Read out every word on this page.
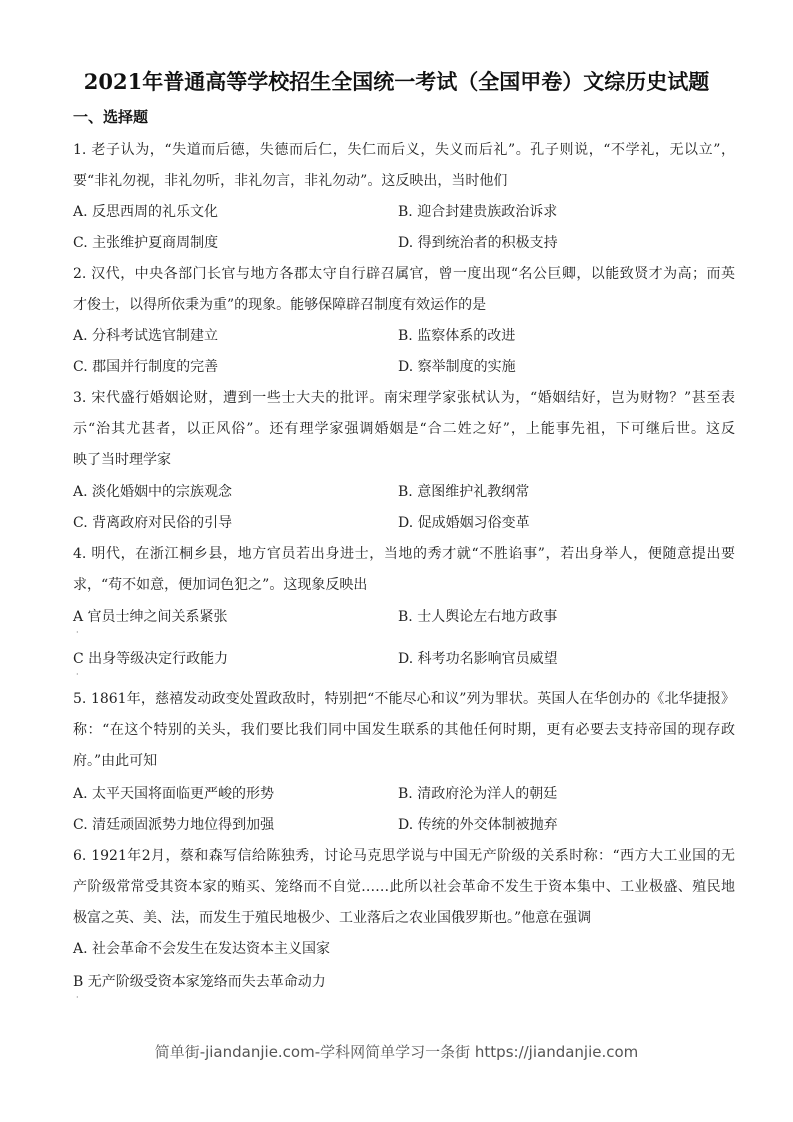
2021年普通高等学校招生全国统一考试（全国甲卷）文综历史试题
一、选择题
1. 老子认为，“失道而后德，失德而后仁，失仁而后义，失义而后礼”。孔子则说，“不学礼，无以立”，
要“非礼勿视，非礼勿听，非礼勿言，非礼勿动”。这反映出，当时他们
A. 反思西周的礼乐文化	B. 迎合封建贵族政治诉求
C. 主张维护夏商周制度	D. 得到统治者的积极支持
2. 汉代，中央各部门长官与地方各郡太守自行辟召属官，曾一度出现“名公巨卿，以能致贤才为高；而英
才俊士，以得所依秉为重”的现象。能够保障辟召制度有效运作的是
A. 分科考试选官制建立	B. 监察体系的改进
C. 郡国并行制度的完善	D. 察举制度的实施
3. 宋代盛行婚姻论财，遭到一些士大夫的批评。南宋理学家张栻认为，“婚姻结好，岂为财物？”甚至表
示“治其尤甚者，以正风俗”。还有理学家强调婚姻是“合二姓之好”，上能事先祖，下可继后世。这反
映了当时理学家
A. 淡化婚姻中的宗族观念	B. 意图维护礼教纲常
C. 背离政府对民俗的引导	D. 促成婚姻习俗变革
4. 明代，在浙江桐乡县，地方官员若出身进士，当地的秀才就“不胜谄事”，若出身举人，便随意提出要
求，“苟不如意，便加词色犯之”。这现象反映出
A 官员士绅之间关系紧张	B. 士人舆论左右地方政事
·
C 出身等级决定行政能力	D. 科考功名影响官员威望
·
5. 1861年，慈禧发动政变处置政敌时，特别把“不能尽心和议”列为罪状。英国人在华创办的《北华捷报》
称：“在这个特别的关头，我们要比我们同中国发生联系的其他任何时期，更有必要去支持帝国的现存政
府。”由此可知
A. 太平天国将面临更严峻的形势	B. 清政府沦为洋人的朝廷
C. 清廷顽固派势力地位得到加强	D. 传统的外交体制被抛弃
6. 1921年2月，蔡和森写信给陈独秀，讨论马克思学说与中国无产阶级的关系时称：“西方大工业国的无
产阶级常常受其资本家的贿买、笼络而不自觉……此所以社会革命不发生于资本集中、工业极盛、殖民地
极富之英、美、法，而发生于殖民地极少、工业落后之农业国俄罗斯也。”他意在强调
A. 社会革命不会发生在发达资本主义国家
B 无产阶级受资本家笼络而失去革命动力
·
简单街-jiandanjie.com-学科网简单学习一条街 https://jiandanjie.com
